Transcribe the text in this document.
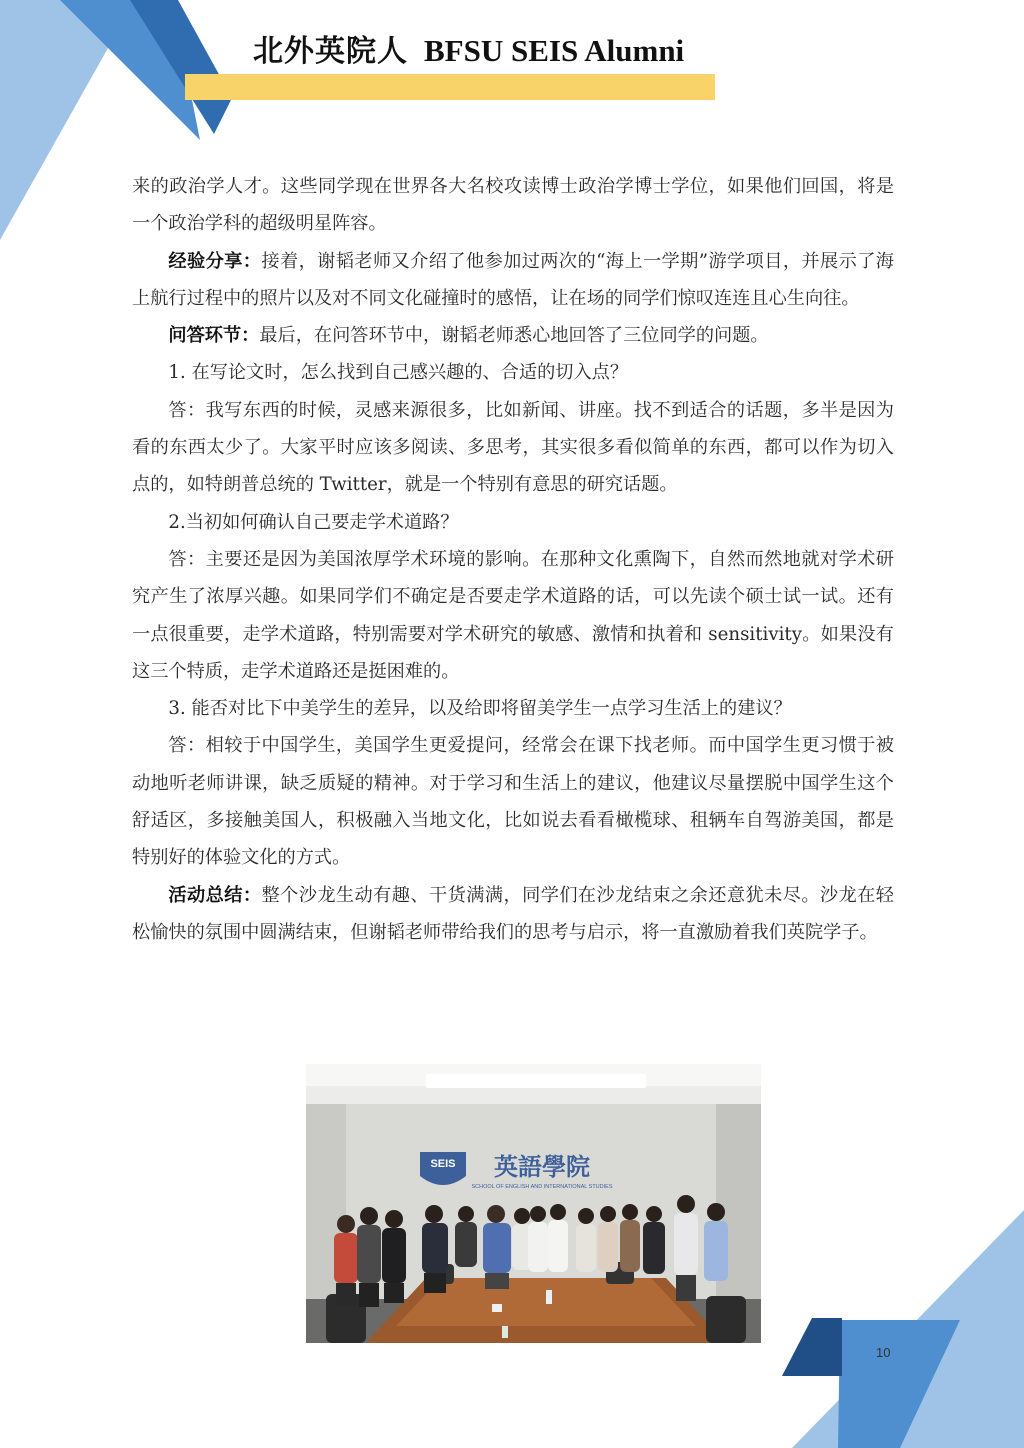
北外英院人 BFSU SEIS Alumni

来的政治学人才。这些同学现在世界各大名校攻读博士政治学博士学位，如果他们回国，将是一个政治学科的超级明星阵容。

经验分享：接着，谢韬老师又介绍了他参加过两次的“海上一学期”游学项目，并展示了海上航行过程中的照片以及对不同文化碰撞时的感悟，让在场的同学们惊叹连连且心生向往。

问答环节：最后，在问答环节中，谢韬老师悉心地回答了三位同学的问题。

1. 在写论文时，怎么找到自己感兴趣的、合适的切入点？

答：我写东西的时候，灵感来源很多，比如新闻、讲座。找不到适合的话题，多半是因为看的东西太少了。大家平时应该多阅读、多思考，其实很多看似简单的东西，都可以作为切入点的，如特朗普总统的 Twitter，就是一个特别有意思的研究话题。

2.当初如何确认自己要走学术道路？

答：主要还是因为美国浓厚学术环境的影响。在那种文化熏陶下，自然而然地就对学术研究产生了浓厚兴趣。如果同学们不确定是否要走学术道路的话，可以先读个硕士试一试。还有一点很重要，走学术道路，特别需要对学术研究的敏感、激情和执着和 sensitivity。如果没有这三个特质，走学术道路还是挺困难的。

3. 能否对比下中美学生的差异，以及给即将留美学生一点学习生活上的建议？

答：相较于中国学生，美国学生更爱提问，经常会在课下找老师。而中国学生更习惯于被动地听老师讲课，缺乏质疑的精神。对于学习和生活上的建议，他建议尽量摆脱中国学生这个舒适区，多接触美国人，积极融入当地文化，比如说去看看橄榄球、租辆车自驾游美国，都是特别好的体验文化的方式。

活动总结：整个沙龙生动有趣、干货满满，同学们在沙龙结束之余还意犹未尽。沙龙在轻松愉快的氛围中圆满结束，但谢韬老师带给我们的思考与启示，将一直激励着我们英院学子。

SEIS 英語學院
SCHOOL OF ENGLISH AND INTERNATIONAL STUDIES
10
